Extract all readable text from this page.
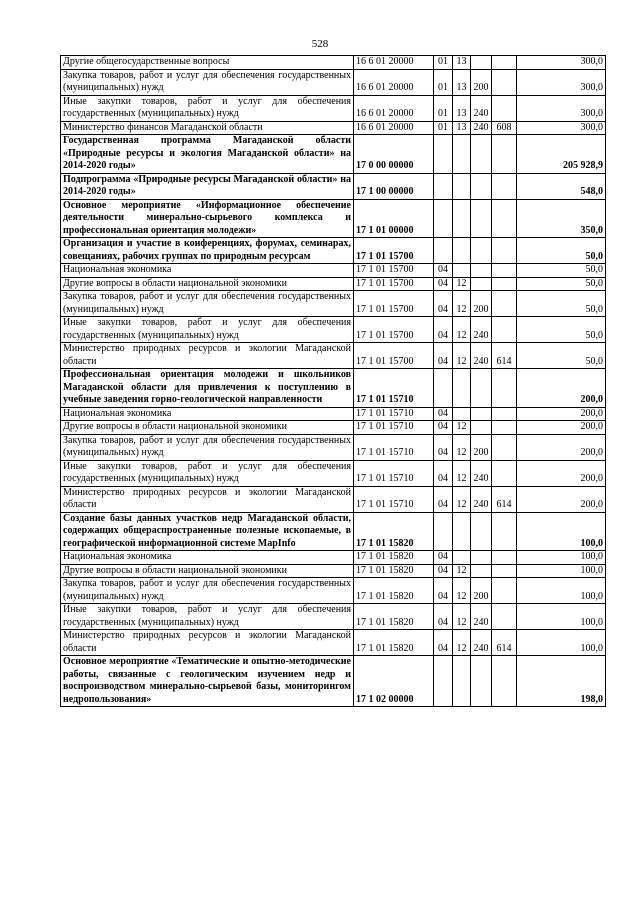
528
Другие общегосударственные вопросы	16 6 01 20000	01	13			300,0
Закупка товаров, работ и услуг для обеспечения государственных (муниципальных) нужд	16 6 01 20000	01	13	200		300,0
Иные закупки товаров, работ и услуг для обеспечения государственных (муниципальных) нужд	16 6 01 20000	01	13	240		300,0
Министерство финансов Магаданской области	16 6 01 20000	01	13	240	608	300,0
Государственная программа Магаданской области «Природные ресурсы и экология Магаданской области» на 2014-2020 годы»	17 0 00 00000					205 928,9
Подпрограмма «Природные ресурсы Магаданской области» на 2014-2020 годы»	17 1 00 00000					548,0
Основное мероприятие «Информационное обеспечение деятельности минерально-сырьевого комплекса и профессиональная ориентация молодежи»	17 1 01 00000					350,0
Организация и участие в конференциях, форумах, семинарах, совещаниях, рабочих группах по природным ресурсам	17 1 01 15700					50,0
Национальная экономика	17 1 01 15700	04				50,0
Другие вопросы в области национальной экономики	17 1 01 15700	04	12			50,0
Закупка товаров, работ и услуг для обеспечения государственных (муниципальных) нужд	17 1 01 15700	04	12	200		50,0
Иные закупки товаров, работ и услуг для обеспечения государственных (муниципальных) нужд	17 1 01 15700	04	12	240		50,0
Министерство природных ресурсов и экологии Магаданской области	17 1 01 15700	04	12	240	614	50,0
Профессиональная ориентация молодежи и школьников Магаданской области для привлечения к поступлению в учебные заведения горно-геологической направленности	17 1 01 15710					200,0
Национальная экономика	17 1 01 15710	04				200,0
Другие вопросы в области национальной экономики	17 1 01 15710	04	12			200,0
Закупка товаров, работ и услуг для обеспечения государственных (муниципальных) нужд	17 1 01 15710	04	12	200		200,0
Иные закупки товаров, работ и услуг для обеспечения государственных (муниципальных) нужд	17 1 01 15710	04	12	240		200,0
Министерство природных ресурсов и экологии Магаданской области	17 1 01 15710	04	12	240	614	200,0
Создание базы данных участков недр Магаданской области, содержащих общераспространенные полезные ископаемые, в географической информационной системе MapInfo	17 1 01 15820					100,0
Национальная экономика	17 1 01 15820	04				100,0
Другие вопросы в области национальной экономики	17 1 01 15820	04	12			100,0
Закупка товаров, работ и услуг для обеспечения государственных (муниципальных) нужд	17 1 01 15820	04	12	200		100,0
Иные закупки товаров, работ и услуг для обеспечения государственных (муниципальных) нужд	17 1 01 15820	04	12	240		100,0
Министерство природных ресурсов и экологии Магаданской области	17 1 01 15820	04	12	240	614	100,0
Основное мероприятие «Тематические и опытно-методические работы, связанные с геологическим изучением недр и воспроизводством минерально-сырьевой базы, мониторингом недропользования»	17 1 02 00000					198,0
